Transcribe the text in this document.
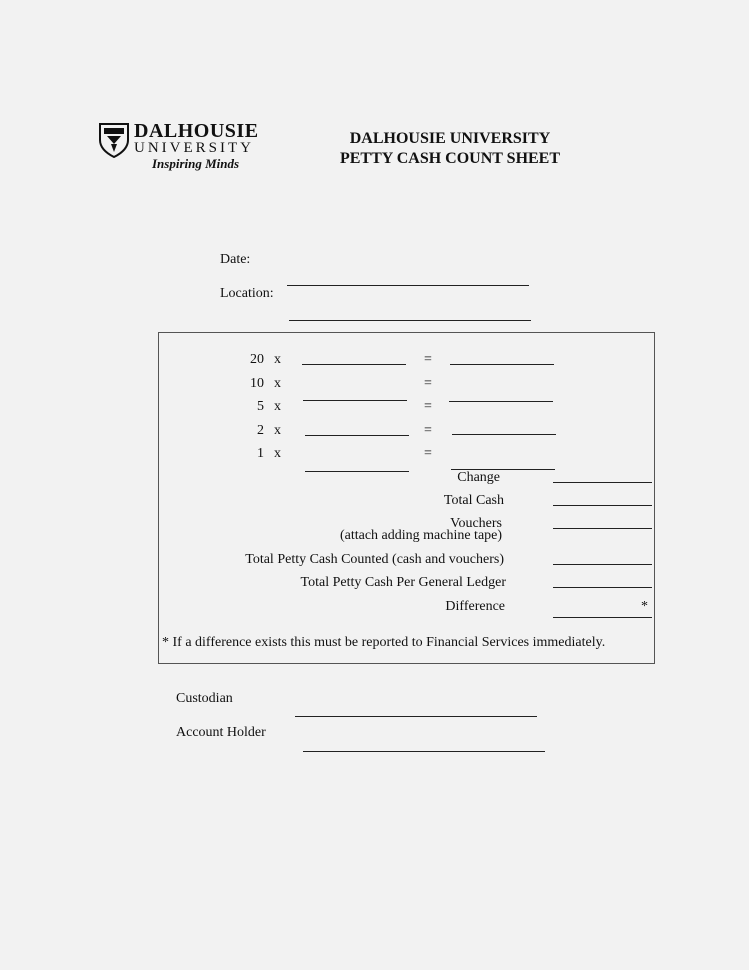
DALHOUSIE
UNIVERSITY
Inspiring Minds
DALHOUSIE UNIVERSITY
PETTY CASH COUNT SHEET
Date:
Location:
20 x	=
10 x	=
5 x	=
2 x	=
1 x	=
Change
Total Cash
Vouchers
(attach adding machine tape)
Total Petty Cash Counted (cash and vouchers)
Total Petty Cash Per General Ledger
Difference	*
* If a difference exists this must be reported to Financial Services immediately.
Custodian
Account Holder
